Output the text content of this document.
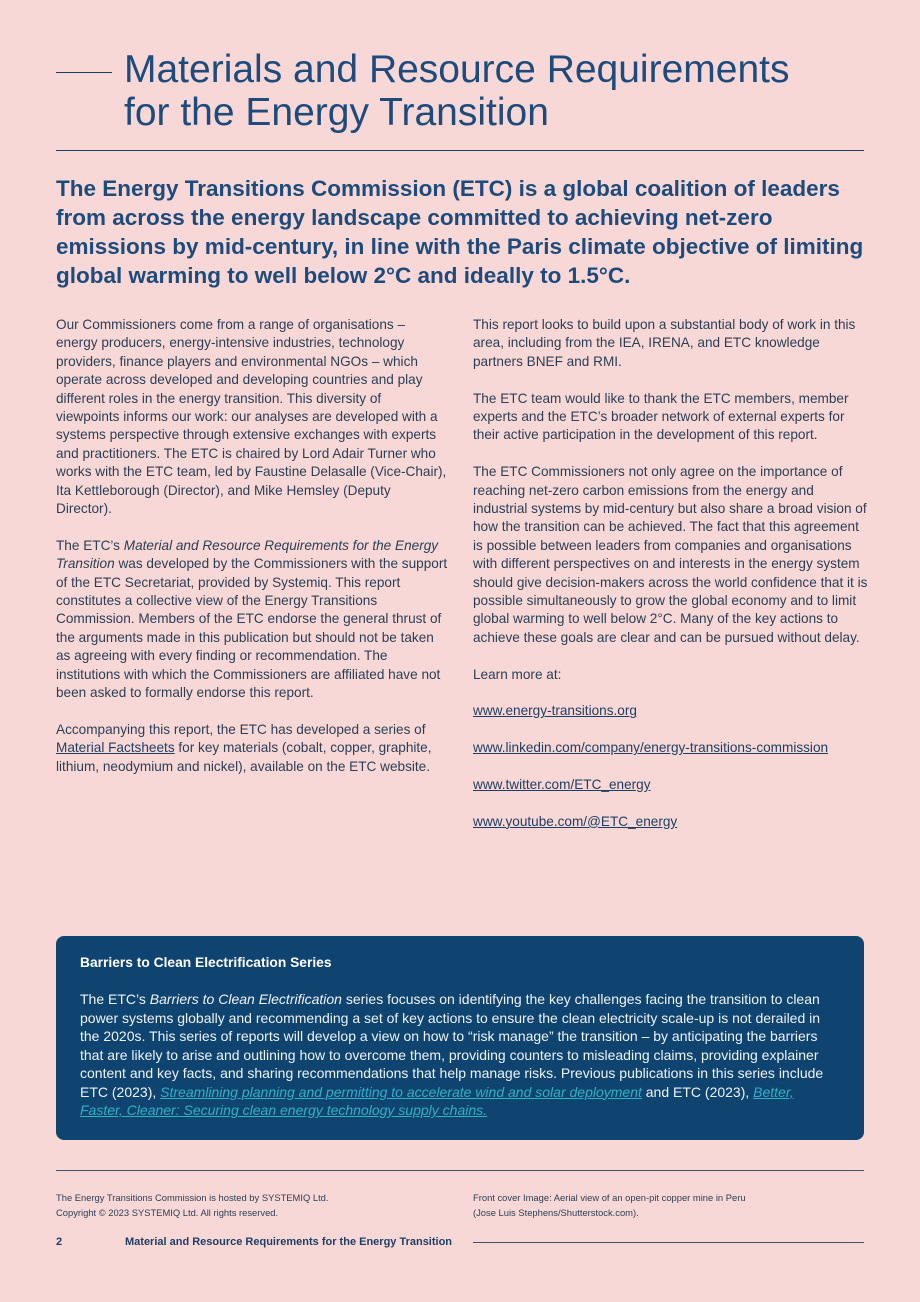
Materials and Resource Requirements
for the Energy Transition

The Energy Transitions Commission (ETC) is a global coalition of leaders from across the energy landscape committed to achieving net-zero emissions by mid-century, in line with the Paris climate objective of limiting global warming to well below 2°C and ideally to 1.5°C.

Our Commissioners come from a range of organisations – energy producers, energy-intensive industries, technology providers, finance players and environmental NGOs – which operate across developed and developing countries and play different roles in the energy transition. This diversity of viewpoints informs our work: our analyses are developed with a systems perspective through extensive exchanges with experts and practitioners. The ETC is chaired by Lord Adair Turner who works with the ETC team, led by Faustine Delasalle (Vice-Chair), Ita Kettleborough (Director), and Mike Hemsley (Deputy Director).

The ETC’s Material and Resource Requirements for the Energy Transition was developed by the Commissioners with the support of the ETC Secretariat, provided by Systemiq. This report constitutes a collective view of the Energy Transitions Commission. Members of the ETC endorse the general thrust of the arguments made in this publication but should not be taken as agreeing with every finding or recommendation. The institutions with which the Commissioners are affiliated have not been asked to formally endorse this report.

Accompanying this report, the ETC has developed a series of Material Factsheets for key materials (cobalt, copper, graphite, lithium, neodymium and nickel), available on the ETC website.

This report looks to build upon a substantial body of work in this area, including from the IEA, IRENA, and ETC knowledge partners BNEF and RMI.

The ETC team would like to thank the ETC members, member experts and the ETC’s broader network of external experts for their active participation in the development of this report.

The ETC Commissioners not only agree on the importance of reaching net-zero carbon emissions from the energy and industrial systems by mid-century but also share a broad vision of how the transition can be achieved. The fact that this agreement is possible between leaders from companies and organisations with different perspectives on and interests in the energy system should give decision-makers across the world confidence that it is possible simultaneously to grow the global economy and to limit global warming to well below 2°C. Many of the key actions to achieve these goals are clear and can be pursued without delay.

Learn more at:

www.energy-transitions.org
www.linkedin.com/company/energy-transitions-commission
www.twitter.com/ETC_energy
www.youtube.com/@ETC_energy
Barriers to Clean Electrification Series

The ETC’s Barriers to Clean Electrification series focuses on identifying the key challenges facing the transition to clean power systems globally and recommending a set of key actions to ensure the clean electricity scale-up is not derailed in the 2020s. This series of reports will develop a view on how to “risk manage” the transition – by anticipating the barriers that are likely to arise and outlining how to overcome them, providing counters to misleading claims, providing explainer content and key facts, and sharing recommendations that help manage risks. Previous publications in this series include ETC (2023), Streamlining planning and permitting to accelerate wind and solar deployment and ETC (2023), Better, Faster, Cleaner: Securing clean energy technology supply chains.

The Energy Transitions Commission is hosted by SYSTEMIQ Ltd.
Copyright © 2023 SYSTEMIQ Ltd. All rights reserved.
Front cover Image: Aerial view of an open-pit copper mine in Peru
(Jose Luis Stephens/Shutterstock.com).
2	Material and Resource Requirements for the Energy Transition
